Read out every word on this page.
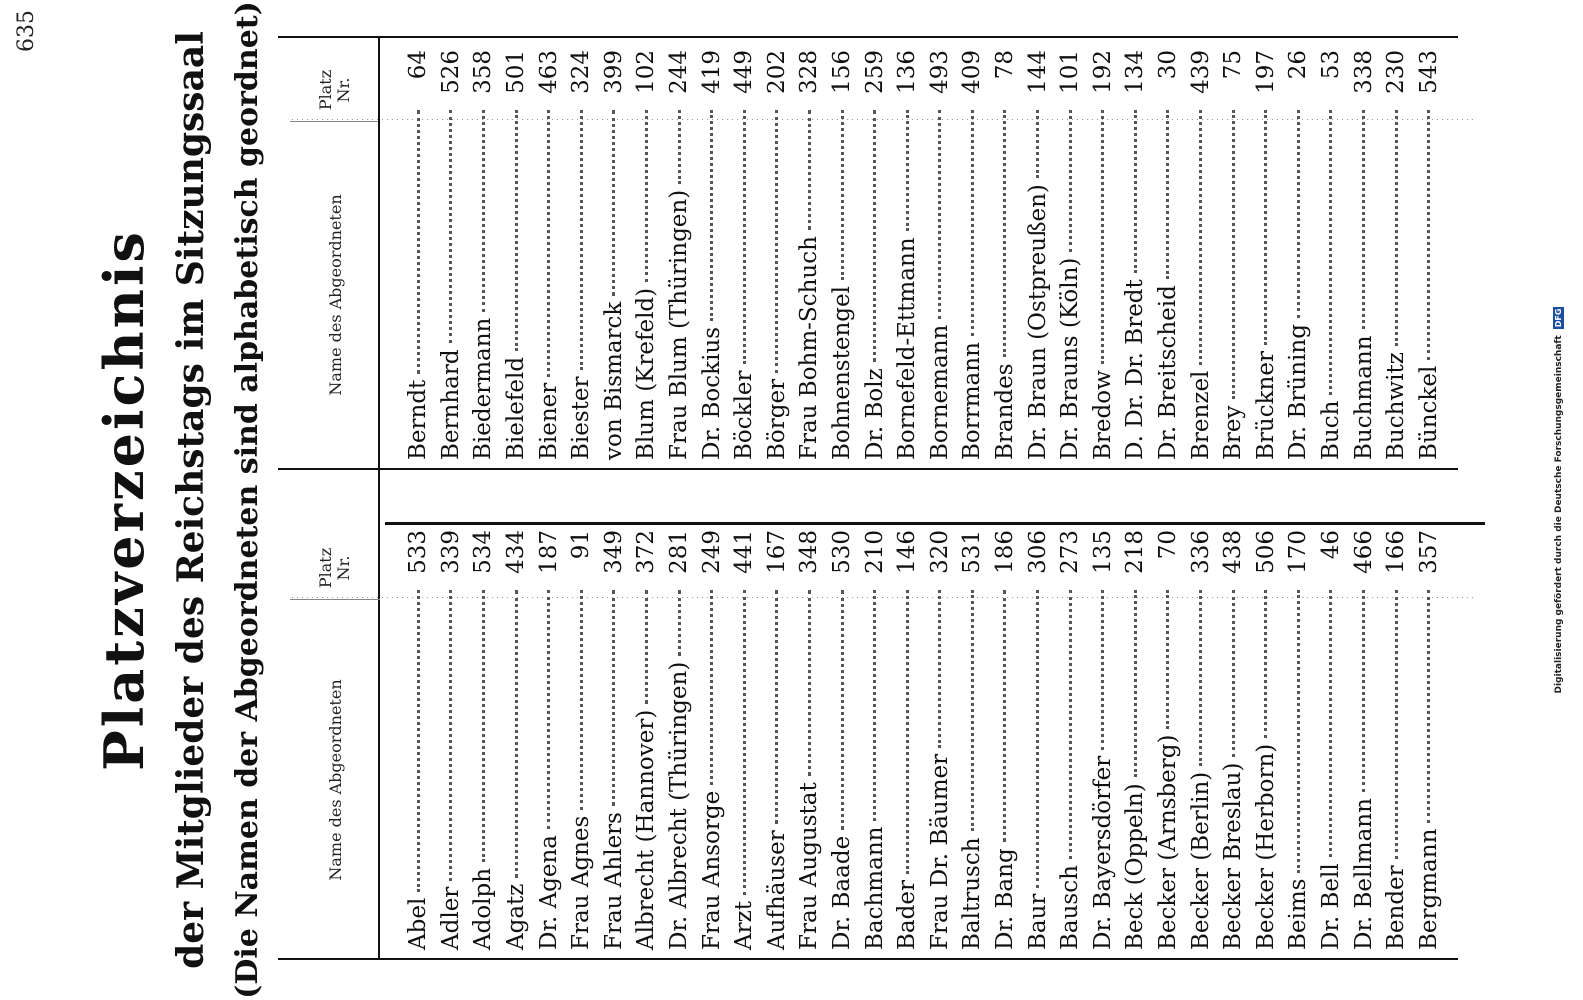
635
Platzverzeichnis der Mitglieder des Reichstags im Sitzungssaal (Die Namen der Abgeordneten sind alphabetisch geordnet)	Name des Abgeordneten
Platz Nr.
Abel
533
Adler
339
Adolph
534
Agatz
434
Dr. Agena
187
Frau Agnes
91
Frau Ahlers
349
Albrecht (Hannover)
372
Dr. Albrecht (Thüringen)
281
Frau Ansorge
249
Arzt
441
Aufhäuser
167
Frau Augustat
348
Dr. Baade
530
Bachmann
210
Bader
146
Frau Dr. Bäumer
320
Baltrusch
531
Dr. Bang
186
Baur
306
Bausch
273
Dr. Bayersdörfer
135
Beck (Oppeln)
218
Becker (Arnsberg)
70
Becker (Berlin)
336
Becker Breslau)
438
Becker (Herborn)
506
Beims
170
Dr. Bell
46
Dr. Bellmann
466
Bender
166
Bergmann
357	Digitalisierung gefördert durch die Deutsche Forschungsgemeinschaft DFG
Name des Abgeordneten
Platz Nr.
Berndt
64
Bernhard
526
Biedermann
358
Bielefeld
501
Biener
463
Biester
324
von Bismarck
399
Blum (Krefeld)
102
Frau Blum (Thüringen)
244
Dr. Bockius
419
Böckler
449
Börger
202
Frau Bohm-Schuch
328
Bohnenstengel
156
Dr. Bolz
259
Bornefeld-Ettmann
136
Bornemann
493
Borrmann
409
Brandes
78
Dr. Braun (Ostpreußen)
144
Dr. Brauns (Köln)
101
Bredow
192
D. Dr. Dr. Bredt
134
Dr. Breitscheid
30
Brenzel
439
Brey
75
Brückner
197
Dr. Brüning
26
Buch
53
Buchmann
338
Buchwitz
230
Bünckel
543
